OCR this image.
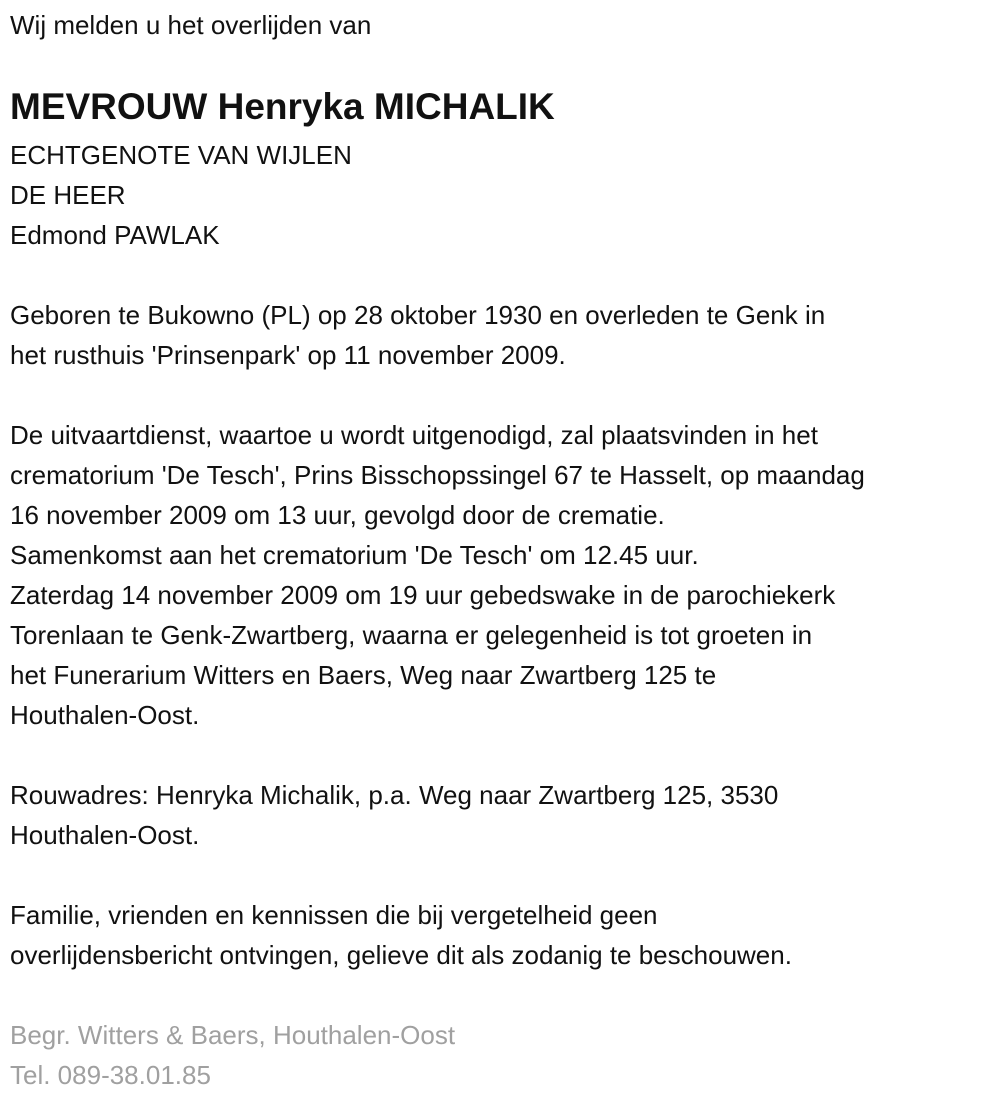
Wij melden u het overlijden van
MEVROUW Henryka MICHALIK
ECHTGENOTE VAN WIJLEN
DE HEER
Edmond PAWLAK
Geboren te Bukowno (PL) op 28 oktober 1930 en overleden te Genk in
het rusthuis 'Prinsenpark' op 11 november 2009.
De uitvaartdienst, waartoe u wordt uitgenodigd, zal plaatsvinden in het
crematorium 'De Tesch', Prins Bisschopssingel 67 te Hasselt, op maandag
16 november 2009 om 13 uur, gevolgd door de crematie.
Samenkomst aan het crematorium 'De Tesch' om 12.45 uur.
Zaterdag 14 november 2009 om 19 uur gebedswake in de parochiekerk
Torenlaan te Genk-Zwartberg, waarna er gelegenheid is tot groeten in
het Funerarium Witters en Baers, Weg naar Zwartberg 125 te
Houthalen-Oost.
Rouwadres: Henryka Michalik, p.a. Weg naar Zwartberg 125, 3530
Houthalen-Oost.
Familie, vrienden en kennissen die bij vergetelheid geen
overlijdensbericht ontvingen, gelieve dit als zodanig te beschouwen.
Begr. Witters & Baers, Houthalen-Oost
Tel. 089-38.01.85
